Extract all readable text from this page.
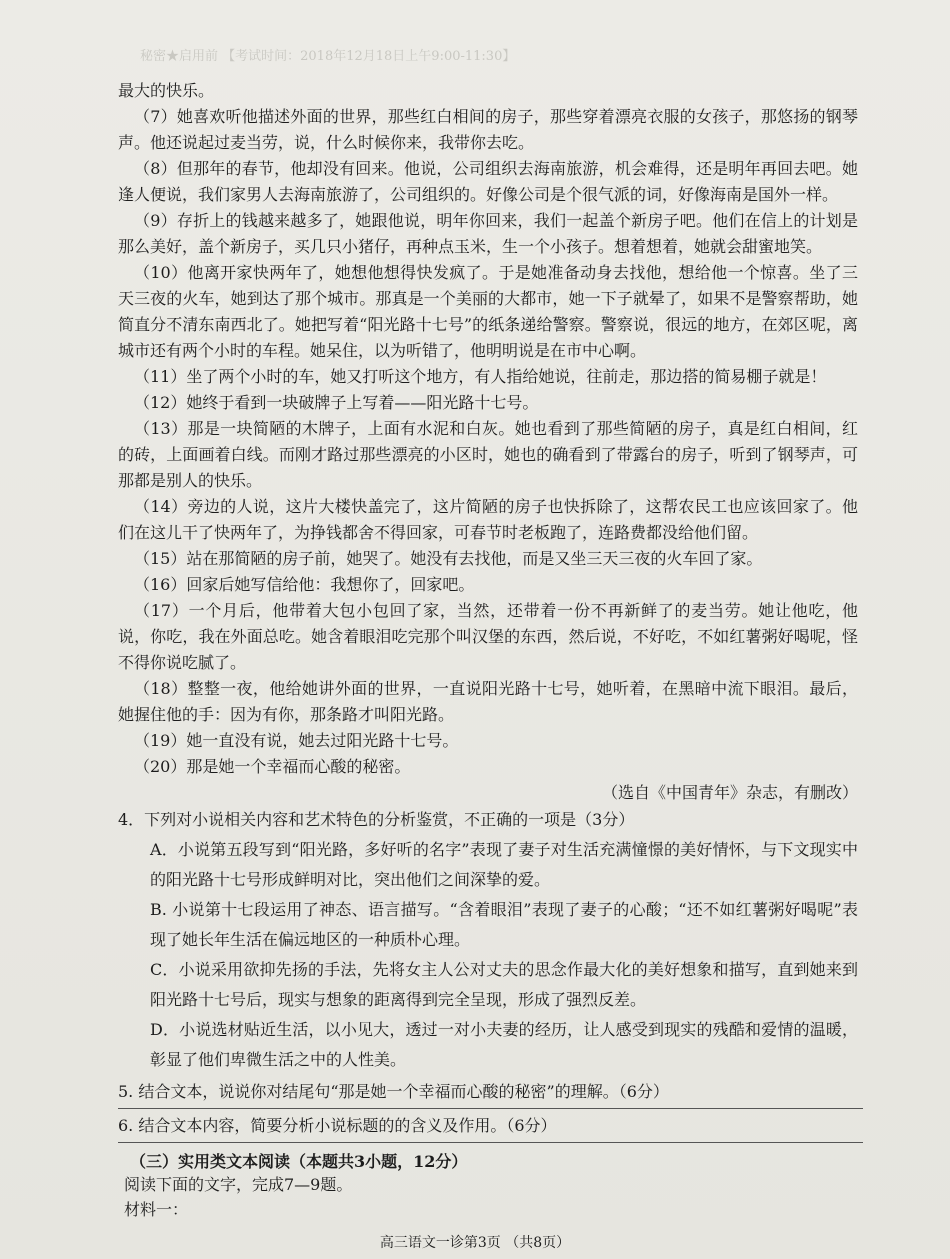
秘密★启用前 【考试时间：2018年12月18日上午9:00-11:30】

最大的快乐。

（7）她喜欢听他描述外面的世界，那些红白相间的房子，那些穿着漂亮衣服的女孩子，那悠扬的钢琴声。他还说起过麦当劳，说，什么时候你来，我带你去吃。

（8）但那年的春节，他却没有回来。他说，公司组织去海南旅游，机会难得，还是明年再回去吧。她逢人便说，我们家男人去海南旅游了，公司组织的。好像公司是个很气派的词，好像海南是国外一样。

（9）存折上的钱越来越多了，她跟他说，明年你回来，我们一起盖个新房子吧。他们在信上的计划是那么美好，盖个新房子，买几只小猪仔，再种点玉米，生一个小孩子。想着想着，她就会甜蜜地笑。

（10）他离开家快两年了，她想他想得快发疯了。于是她准备动身去找他，想给他一个惊喜。坐了三天三夜的火车，她到达了那个城市。那真是一个美丽的大都市，她一下子就晕了，如果不是警察帮助，她简直分不清东南西北了。她把写着“阳光路十七号”的纸条递给警察。警察说，很远的地方，在郊区呢，离城市还有两个小时的车程。她呆住，以为听错了，他明明说是在市中心啊。

（11）坐了两个小时的车，她又打听这个地方，有人指给她说，往前走，那边搭的简易棚子就是！

（12）她终于看到一块破牌子上写着——阳光路十七号。

（13）那是一块简陋的木牌子，上面有水泥和白灰。她也看到了那些简陋的房子，真是红白相间，红的砖，上面画着白线。而刚才路过那些漂亮的小区时，她也的确看到了带露台的房子，听到了钢琴声，可那都是别人的快乐。

（14）旁边的人说，这片大楼快盖完了，这片简陋的房子也快拆除了，这帮农民工也应该回家了。他们在这儿干了快两年了，为挣钱都舍不得回家，可春节时老板跑了，连路费都没给他们留。

（15）站在那简陋的房子前，她哭了。她没有去找他，而是又坐三天三夜的火车回了家。

（16）回家后她写信给他：我想你了，回家吧。

（17）一个月后，他带着大包小包回了家，当然，还带着一份不再新鲜了的麦当劳。她让他吃，他说，你吃，我在外面总吃。她含着眼泪吃完那个叫汉堡的东西，然后说，不好吃，不如红薯粥好喝呢，怪不得你说吃腻了。

（18）整整一夜，他给她讲外面的世界，一直说阳光路十七号，她听着，在黑暗中流下眼泪。最后，她握住他的手：因为有你，那条路才叫阳光路。

（19）她一直没有说，她去过阳光路十七号。

（20）那是她一个幸福而心酸的秘密。

（选自《中国青年》杂志，有删改）

4．下列对小说相关内容和艺术特色的分析鉴赏，不正确的一项是（3分）

A．小说第五段写到“阳光路，多好听的名字”表现了妻子对生活充满憧憬的美好情怀，与下文现实中的阳光路十七号形成鲜明对比，突出他们之间深挚的爱。

B. 小说第十七段运用了神态、语言描写。“含着眼泪”表现了妻子的心酸；“还不如红薯粥好喝呢”表现了她长年生活在偏远地区的一种质朴心理。

C．小说采用欲抑先扬的手法，先将女主人公对丈夫的思念作最大化的美好想象和描写，直到她来到阳光路十七号后，现实与想象的距离得到完全呈现，形成了强烈反差。

D．小说选材贴近生活，以小见大，透过一对小夫妻的经历，让人感受到现实的残酷和爱情的温暖，彰显了他们卑微生活之中的人性美。

5. 结合文本，说说你对结尾句“那是她一个幸福而心酸的秘密”的理解。（6分）

6. 结合文本内容，简要分析小说标题的的含义及作用。（6分）

（三）实用类文本阅读（本题共3小题，12分）
阅读下面的文字，完成7—9题。
材料一：
高三语文一诊第3页 （共8页）
